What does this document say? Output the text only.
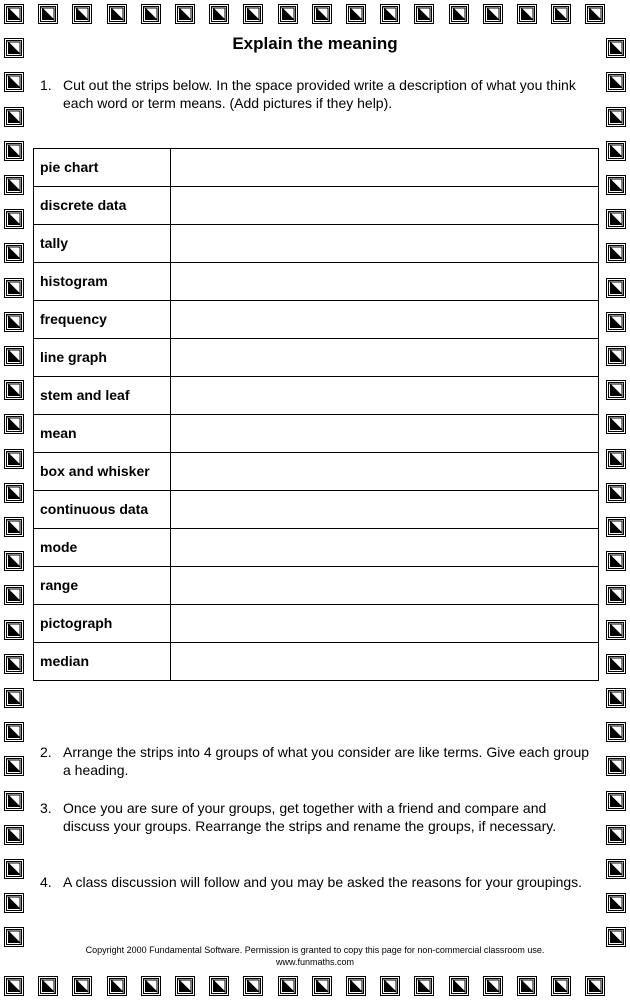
Explain the meaning
1. Cut out the strips below. In the space provided write a description of what you think each word or term means. (Add pictures if they help).
pie chart	
discrete data	
tally	
histogram	
frequency	
line graph	
stem and leaf	
mean	
box and whisker	
continuous data	
mode	
range	
pictograph	
median	
2. Arrange the strips into 4 groups of what you consider are like terms. Give each group a heading.
3. Once you are sure of your groups, get together with a friend and compare and discuss your groups. Rearrange the strips and rename the groups, if necessary.
4. A class discussion will follow and you may be asked the reasons for your groupings.
Copyright 2000 Fundamental Software. Permission is granted to copy this page for non-commercial classroom use.
www.funmaths.com
